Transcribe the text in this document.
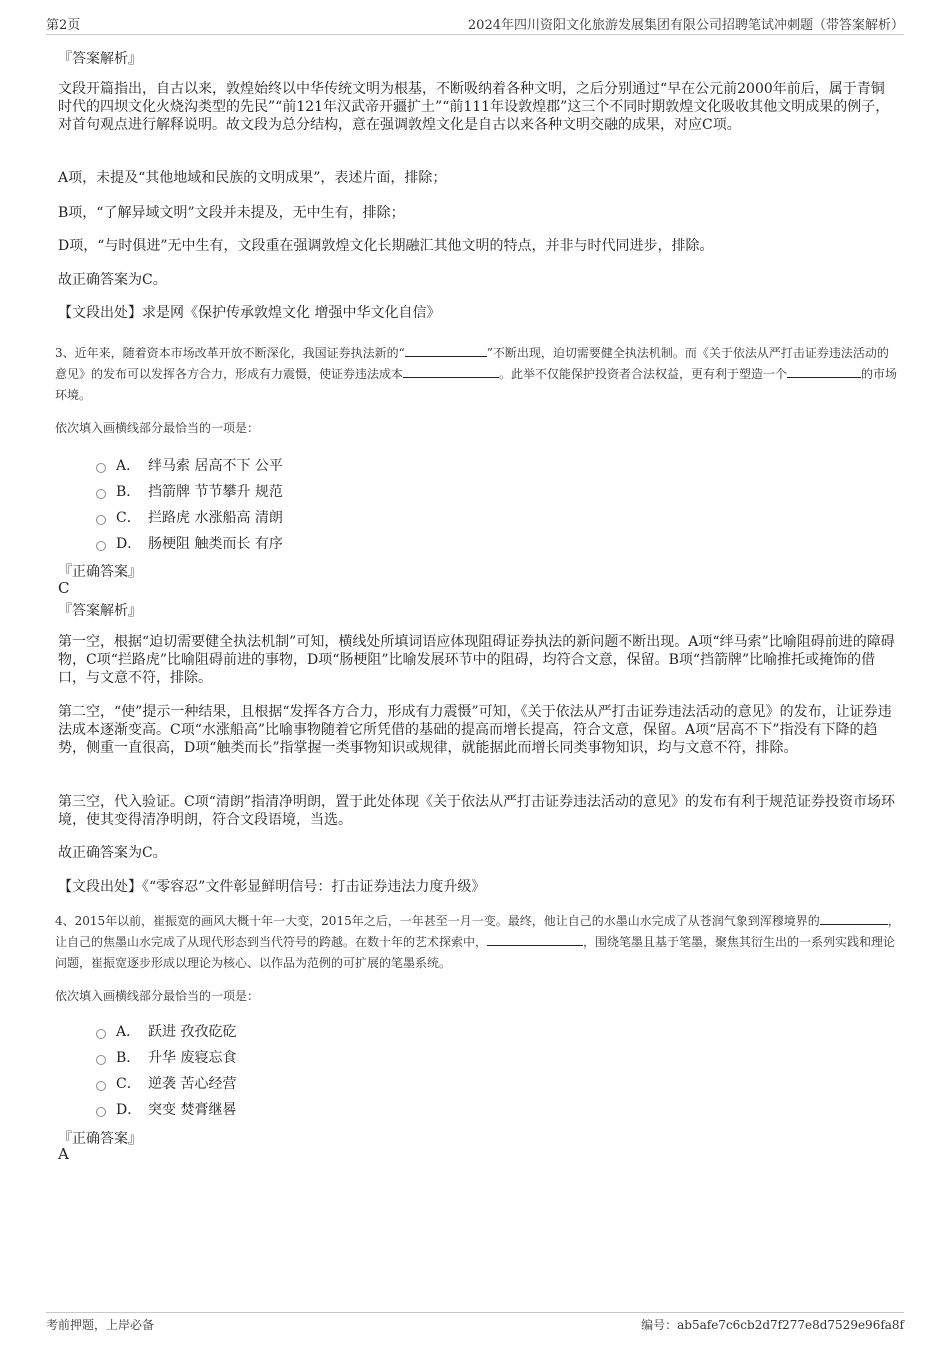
第2页	2024年四川资阳文化旅游发展集团有限公司招聘笔试冲刺题（带答案解析）
『答案解析』

文段开篇指出，自古以来，敦煌始终以中华传统文明为根基，不断吸纳着各种文明，之后分别通过“早在公元前2000年前后，属于青铜时代的四坝文化火烧沟类型的先民”“前121年汉武帝开疆扩土”“前111年设敦煌郡”这三个不同时期敦煌文化吸收其他文明成果的例子，对首句观点进行解释说明。故文段为总分结构，意在强调敦煌文化是自古以来各种文明交融的成果，对应C项。

A项，未提及“其他地域和民族的文明成果”，表述片面，排除；

B项，“了解异域文明”文段并未提及，无中生有，排除；

D项，“与时俱进”无中生有，文段重在强调敦煌文化长期融汇其他文明的特点，并非与时代同进步，排除。

故正确答案为C。

【文段出处】求是网《保护传承敦煌文化 增强中华文化自信》

3、近年来，随着资本市场改革开放不断深化，我国证券执法新的“	”不断出现，迫切需要健全执法机制。而《关于依法从严打击证券违法活动的意见》的发布可以发挥各方合力，形成有力震慑，使证券违法成本	。此举不仅能保护投资者合法权益，更有利于塑造一个	的市场环境。

依次填入画横线部分最恰当的一项是：
A． 绊马索 居高不下 公平
B． 挡箭牌 节节攀升 规范
C． 拦路虎 水涨船高 清朗
D． 肠梗阻 触类而长 有序
『正确答案』
C
『答案解析』

第一空，根据“迫切需要健全执法机制”可知，横线处所填词语应体现阻碍证券执法的新问题不断出现。A项“绊马索”比喻阻碍前进的障碍物，C项“拦路虎”比喻阻碍前进的事物，D项“肠梗阻”比喻发展环节中的阻碍，均符合文意，保留。B项“挡箭牌”比喻推托或掩饰的借口，与文意不符，排除。

第二空，“使”提示一种结果，且根据“发挥各方合力，形成有力震慑”可知，《关于依法从严打击证券违法活动的意见》的发布，让证券违法成本逐渐变高。C项“水涨船高”比喻事物随着它所凭借的基础的提高而增长提高，符合文意，保留。A项“居高不下”指没有下降的趋势，侧重一直很高，D项“触类而长”指掌握一类事物知识或规律，就能据此而增长同类事物知识，均与文意不符，排除。

第三空，代入验证。C项“清朗”指清净明朗，置于此处体现《关于依法从严打击证券违法活动的意见》的发布有利于规范证券投资市场环境，使其变得清净明朗，符合文段语境，当选。

故正确答案为C。

【文段出处】《“零容忍”文件彰显鲜明信号：打击证券违法力度升级》

4、2015年以前，崔振宽的画风大概十年一大变，2015年之后，一年甚至一月一变。最终，他让自己的水墨山水完成了从苍润气象到浑穆境界的	，让自己的焦墨山水完成了从现代形态到当代符号的跨越。在数十年的艺术探索中，	，围绕笔墨且基于笔墨，聚焦其衍生出的一系列实践和理论问题，崔振宽逐步形成以理论为核心、以作品为范例的可扩展的笔墨系统。

依次填入画横线部分最恰当的一项是：
A． 跃进 孜孜矻矻
B． 升华 废寝忘食
C． 逆袭 苦心经营
D． 突变 焚膏继晷
『正确答案』
A
考前押题，上岸必备	编号：ab5afe7c6cb2d7f277e8d7529e96fa8f
